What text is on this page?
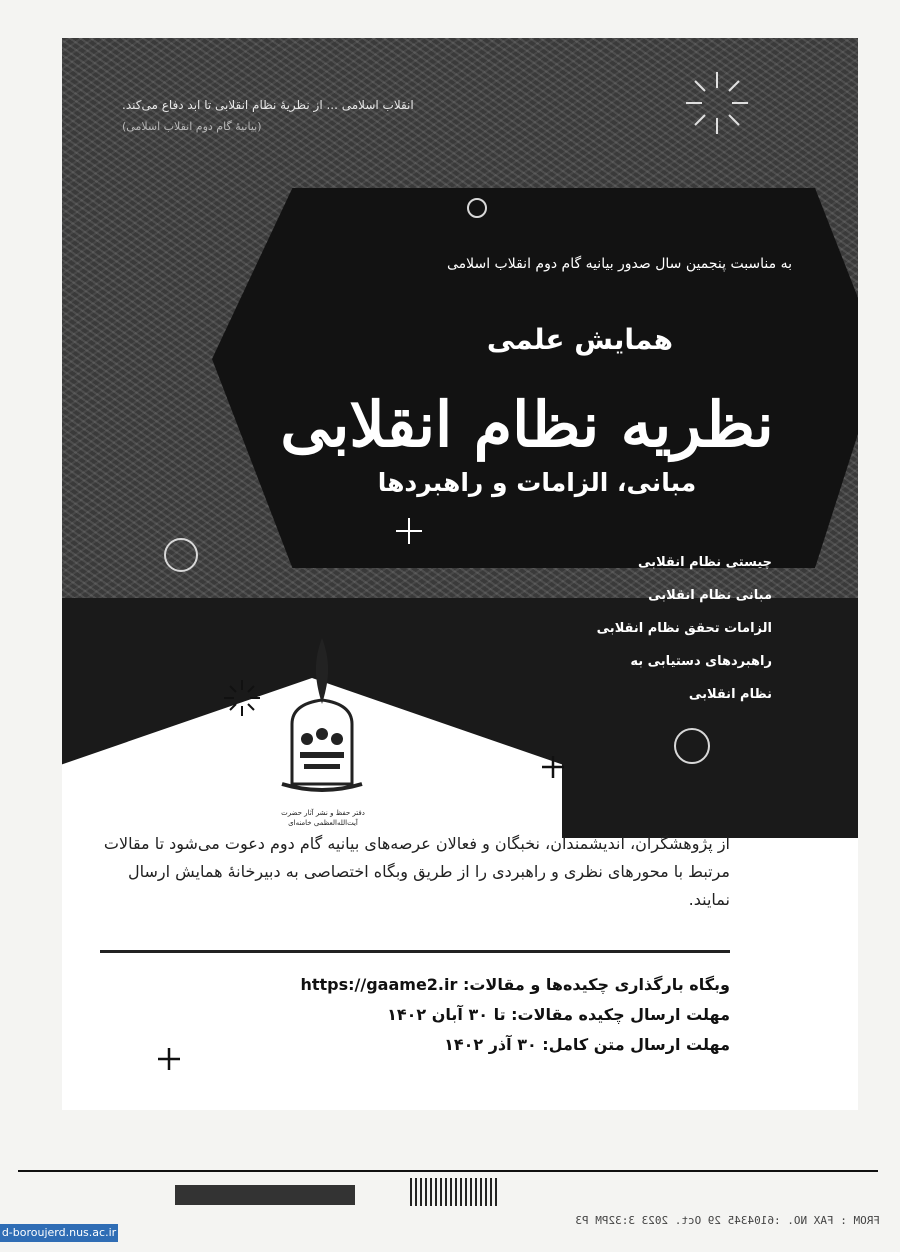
انقلاب اسلامی ... از نظریهٔ نظام انقلابی تا ابد دفاع می‌کند.
(بیانیهٔ گام دوم انقلاب اسلامی)
به مناسبت پنجمین سال صدور بیانیه گام دوم انقلاب اسلامی
همایش علمی
نظریه نظام انقلابی
مبانی، الزامات و راهبردها
چیستی نظام انقلابی
مبانی نظام انقلابی
الزامات تحقق نظام انقلابی
راهبردهای دستیابی به
نظام انقلابی
دفتر حفظ و نشر آثار حضرت
آیت‌الله‌العظمی خامنه‌ای
از پژوهشگران، اندیشمندان، نخبگان و فعالان عرصه‌های بیانیه گام دوم دعوت می‌شود تا مقالات مرتبط با محورهای نظری و راهبردی را از طریق وبگاه اختصاصی به دبیرخانهٔ همایش ارسال نمایند.
وبگاه بارگذاری چکیده‌ها و مقالات: https://gaame2.ir
مهلت ارسال چکیده مقالات: تا ۳۰ آبان ۱۴۰۲
مهلت ارسال متن کامل: ۳۰ آذر ۱۴۰۲
FROM : FAX NO. :6104345 29 Oct. 2023 3:32PM P3
d-boroujerd.nus.ac.ir
